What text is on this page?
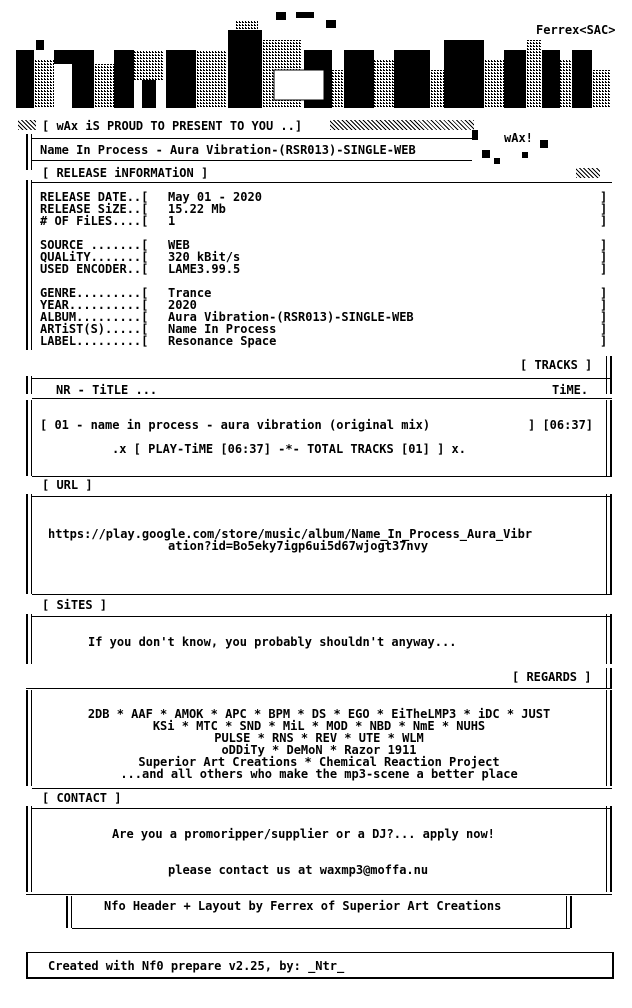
Ferrex<SAC>
[ wAx iS PROUD TO PRESENT TO YOU ..]
wAx!
Name In Process - Aura Vibration-(RSR013)-SINGLE-WEB
[ RELEASE iNFORMATiON ]
RELEASE DATE..[ May 01 - 2020	]
RELEASE SiZE..[ 15.22 Mb	]
# OF FiLES....[ 1	]
SOURCE .......[ WEB	]
QUALiTY.......[ 320 kBit/s	]
USED ENCODER..[ LAME3.99.5	]
GENRE.........[ Trance	]
YEAR..........[ 2020	]
ALBUM.........[ Aura Vibration-(RSR013)-SINGLE-WEB	]
ARTiST(S).....[ Name In Process	]
LABEL.........[ Resonance Space	]
[ TRACKS ]
NR - TiTLE ...	TiME.
[ 01 - name in process - aura vibration (original mix)	] [06:37]
.x [ PLAY-TiME [06:37] -*- TOTAL TRACKS [01] ] x.
[ URL ]
https://play.google.com/store/music/album/Name_In_Process_Aura_Vibr
ation?id=Bo5eky7igp6ui5d67wjogt37nvy
[ SiTES ]
If you don't know, you probably shouldn't anyway...
[ REGARDS ]
2DB * AAF * AMOK * APC * BPM * DS * EGO * EiTheLMP3 * iDC * JUST
KSi * MTC * SND * MiL * MOD * NBD * NmE * NUHS
PULSE * RNS * REV * UTE * WLM
oDDiTy * DeMoN * Razor 1911
Superior Art Creations * Chemical Reaction Project
...and all others who make the mp3-scene a better place
[ CONTACT ]
Are you a promoripper/supplier or a DJ?... apply now!
please contact us at waxmp3@moffa.nu
Nfo Header + Layout by Ferrex of Superior Art Creations
Created with Nf0 prepare v2.25, by: _Ntr_
